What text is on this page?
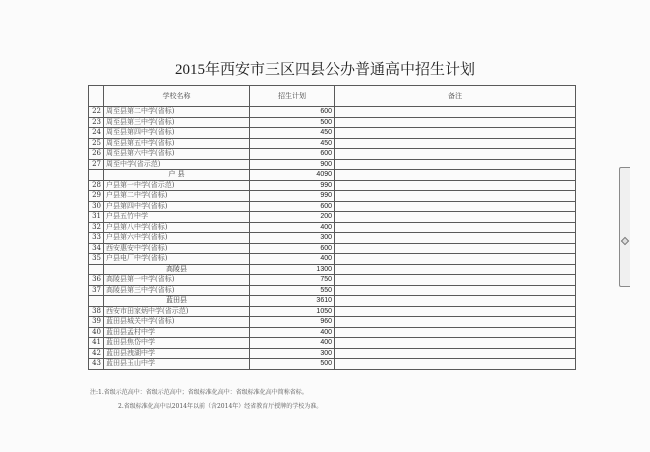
2015年西安市三区四县公办普通高中招生计划
	学校名称	招生计划	备注
22	周至县第二中学(省标)	600	
23	周至县第三中学(省标)	500	
24	周至县第四中学(省标)	450	
25	周至县第五中学(省标)	450	
26	周至县第六中学(省标)	600	
27	周至中学(省示范)	900	
	户 县	4090	
28	户县第一中学(省示范)	990	
29	户县第二中学(省标)	990	
30	户县第四中学(省标)	600	
31	户县五竹中学	200	
32	户县第八中学(省标)	400	
33	户县第六中学(省标)	300	
34	西安惠安中学(省标)	600	
35	户县电厂中学(省标)	400	
	高陵县	1300	
36	高陵县第一中学(省标)	750	
37	高陵县第三中学(省标)	550	
	蓝田县	3610	
38	西安市田家炳中学(省示范)	1050	
39	蓝田县城关中学(省标)	960	
40	蓝田县孟村中学	400	
41	蓝田县焦岱中学	400	
42	蓝田县洩湖中学	300	
43	蓝田县玉山中学	500	
注:1.省级示范高中：省级示范高中；省级标准化高中：省级标准化高中简称省标。
2.省级标准化高中以2014年以前（含2014年）经省教育厅授牌的学校为准。
